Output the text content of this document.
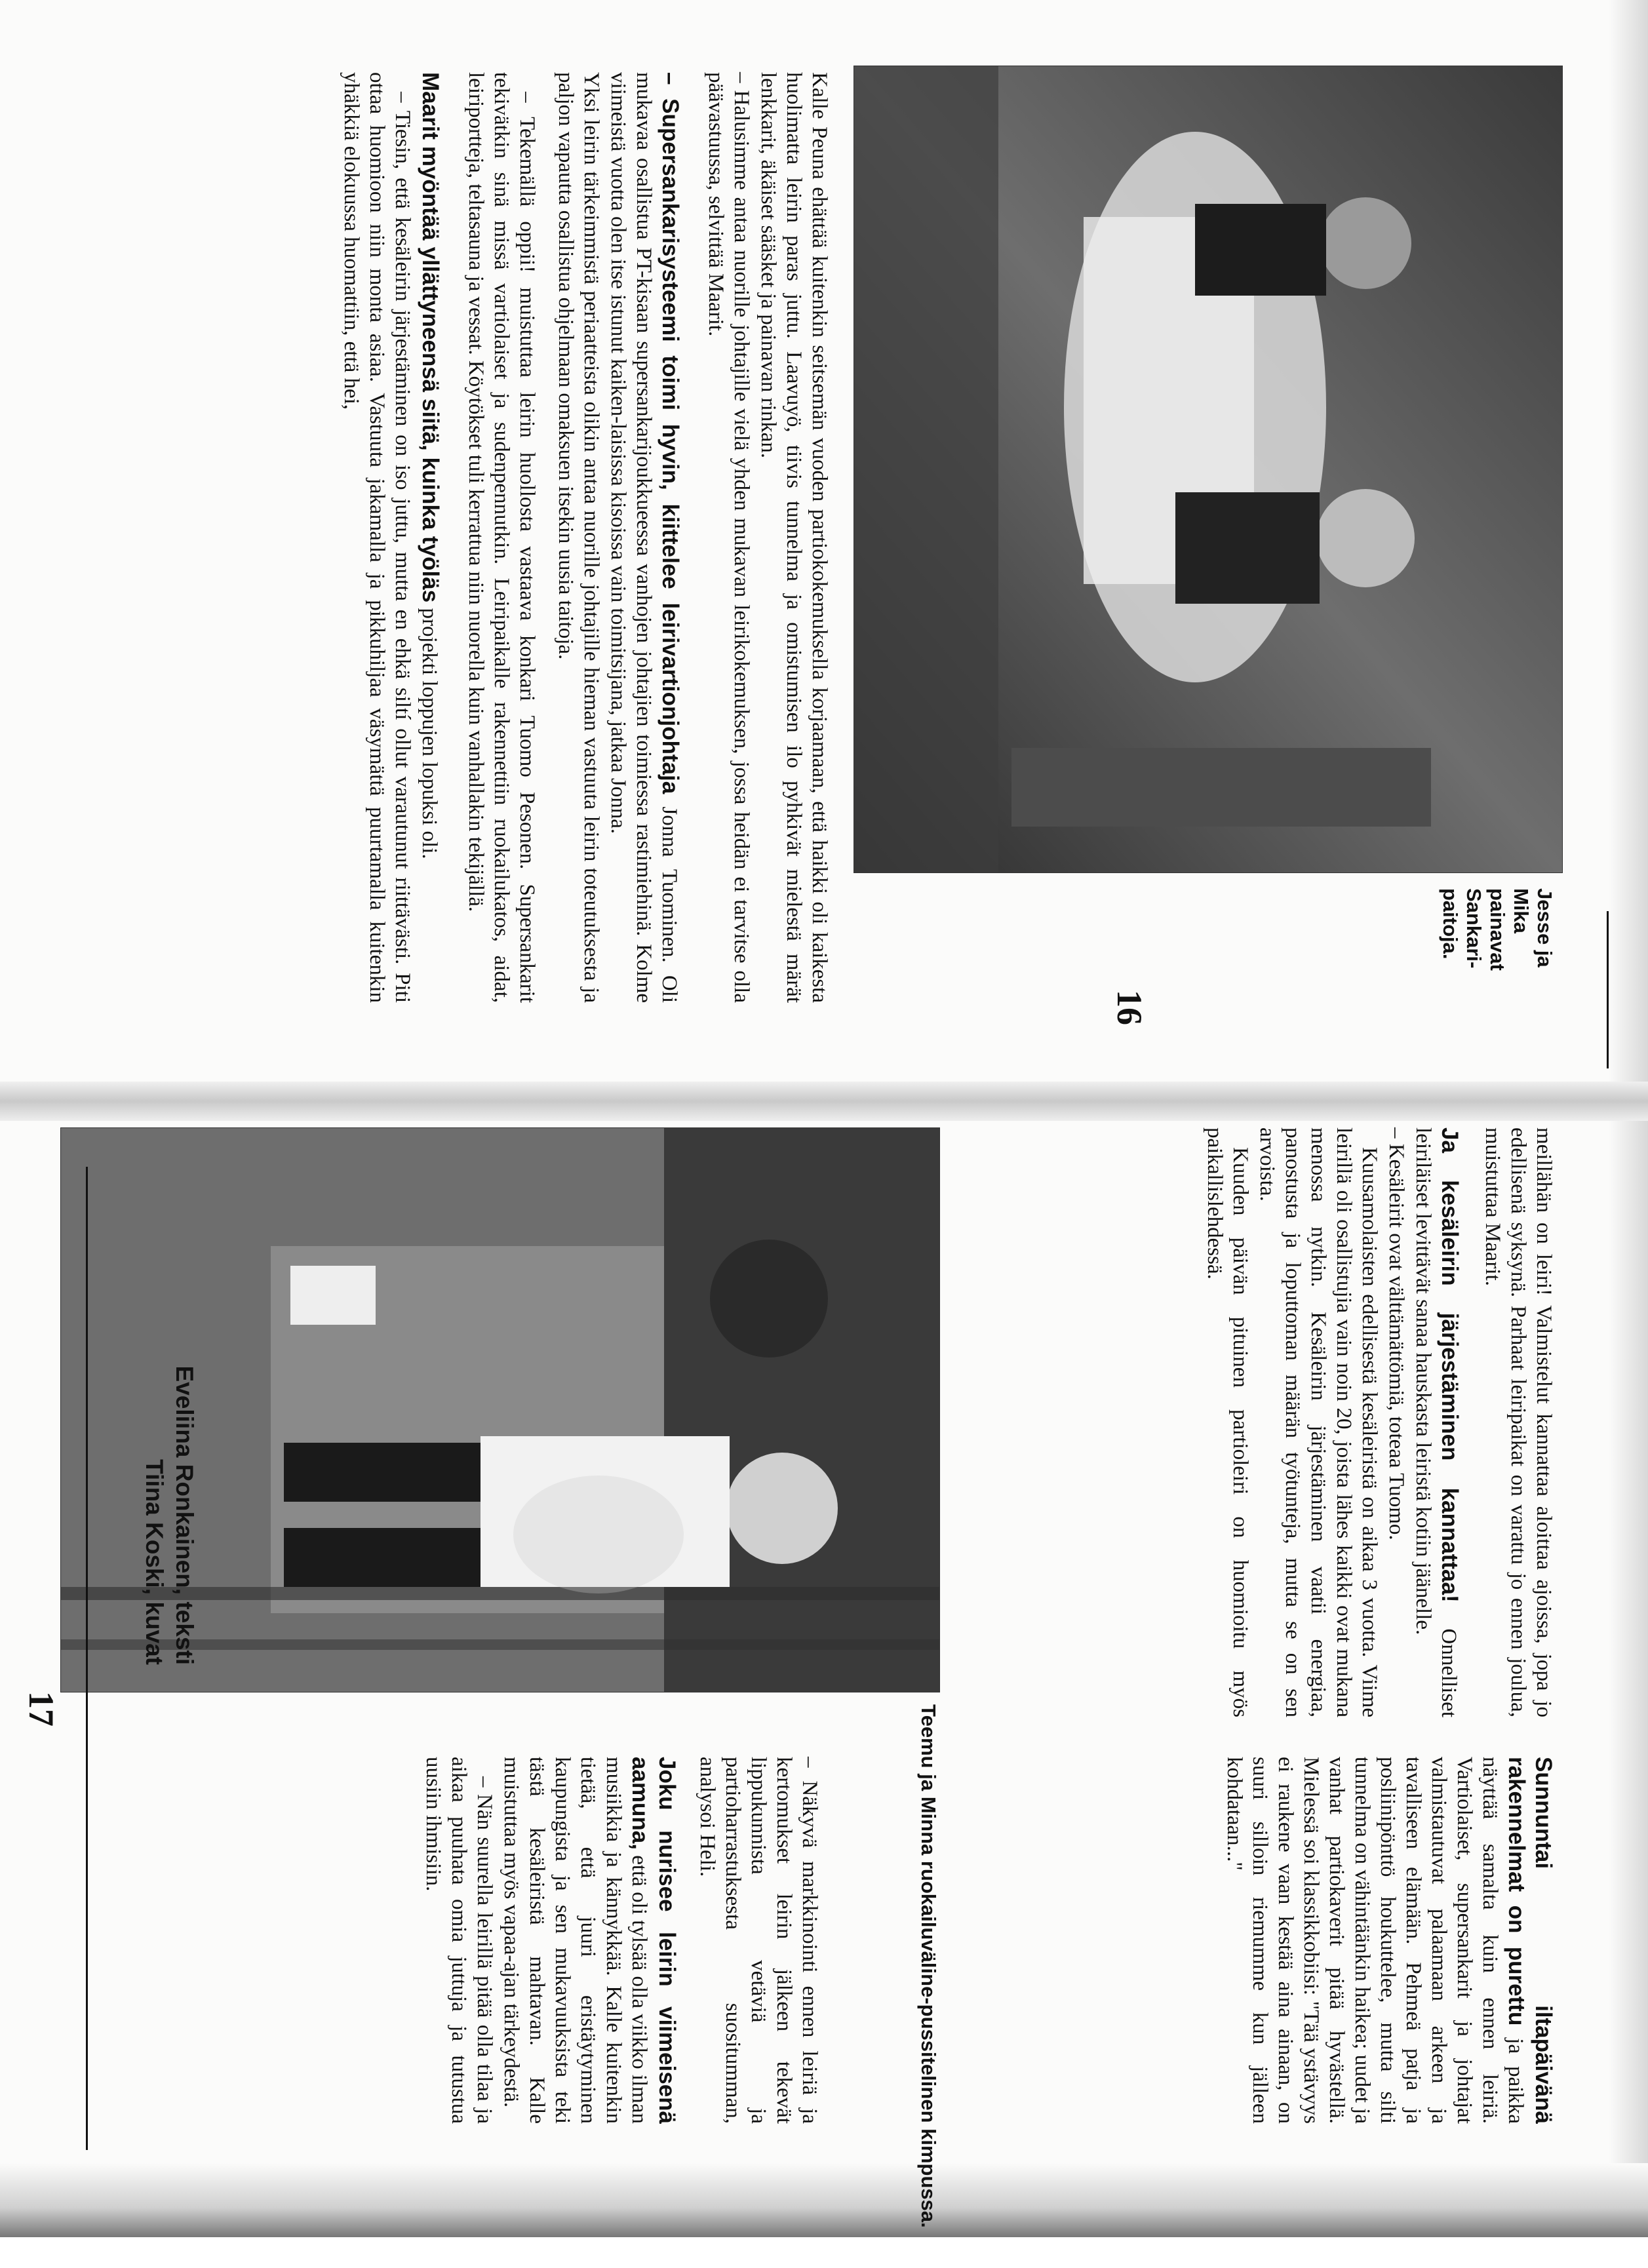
Kalle Peuna ehättää kuitenkin seitsemän vuoden partiokokemuksella korjaamaan, että haikki oli kaikesta huolimatta leirin paras juttu. Laavuyö, tiivis tunnelma ja omistumisen ilo pyhkivät mielestä märät lenkkarit, äkäiset sääsket ja painavan rinkan.

– Halusimme antaa nuorille johtajille vielä yhden mukavan leirikokemuksen, jossa heidän ei tarvitse olla päävastuussa, selvittää Maarit.

– Supersankarisysteemi toimi hyvin, kiittelee leirivartionjohtaja Jonna Tuominen. Oli mukavaa osallistua PT-kisaan supersankarijoukkueessa vanhojen johtajien toimiessa rastimiehinä. Kolme viimeistä vuotta olen itse istunut kaiken-laisissa kisoissa vain toimitsijana, jatkaa Jonna.

Yksi leirin tärkeimmistä periaatteista olikin antaa nuorille johtajille hieman vastuuta leirin toteutuksesta ja paljon vapautta osallistua ohjelmaan omaksuen itsekin uusia taitoja.

– Tekemällä oppii! muistuttaa leirin huollosta vastaava konkari Tuomo Pesonen. Supersankarit tekivätkin sinä missä vartiolaiset ja sudenpennutkin. Leiripaikalle rakennettiin ruokailukatos, aidat, leiriportteja, teltasauna ja vessat. Köytökset tuli kerrattua niin nuorella kuin vanhallakin tekijällä.

Maarit myöntää yllättyneensä siitä, kuinka työläs projekti loppujen lopuksi oli.

– Tiesin, että kesäleirin järjestäminen on iso juttu, mutta en ehkä siltí ollut varautunut riittävästi. Piti ottaa huomioon niin monta asiaa. Vastuuta jakamalla ja pikkuhiljaa väsymättä puurtamalla kuitenkin yhäkkiä elokuussa huomattiin, että hei,

Jesse ja Mika painavat Sankari-paitoja.
16
Teemu ja Minna ruokailuväline-pussitelinen kimpussa.

meillähän on leiri! Valmistelut kannattaa aloittaa ajoissa, jopa jo edellisenä syksynä. Parhaat leiripaikat on varattu jo ennen joulua, muistuttaa Maarit.

Ja kesäleirin järjestäminen kannattaa! Onnelliset leiriläiset levittävät sanaa hauskasta leiristä kotiin jäänelle.

– Kesäleirit ovat välttämättömiä, toteaa Tuomo.

Kuusamolaisten edellisestä kesäleiristä on aikaa 3 vuotta. Viime leirillä oli osallistujia vain noin 20, joista lähes kaikki ovat mukana menossa nytkin. Kesäleirin järjestäminen vaatii energiaa, panostusta ja loputtoman määrän työtunteja, mutta se on sen arvoista.

Kuuden päivän pituinen partioleiri on huomioitu myös paikallislehdessä.

– Näkyvä markkinointi ennen leiriä ja kertomukset leirin jälkeen tekevät lippukunnista vetäviä ja partioharrastuksesta suositumman, analysoi Heli.

Joku nurisee leirin viimeisenä aamuna, että oli tylsää olla viikko ilman musiikkia ja kännykkää. Kalle kuitenkin tietää, että juuri eristäytyminen kaupungista ja sen mukavuuksista teki tästä kesäleiristä mahtavan. Kalle muistuttaa myös vapaa-ajan tärkeydestä.

– Nän suurella leirillä pitää olla tilaa ja aikaa puuhata omia juttuja ja tutustua uusiin ihmisiin.	Sunnuntai iltapäivänä rakennelmat on purettu ja paikka näyttää samalta kuin ennen leiriä. Vartiolaiset, supersankarit ja johtajat valmistautuvat palaamaan arkeen ja tavalliseen elämään. Pehmeä patja ja posliinipönttö houkuttelee, mutta silti tunnelma on vähintäänkin haikea; uudet ja vanhat partiokaverit pitää hyvästellä. Mielessä soi klassikkobiisi: "Tää ystävyys ei raukene vaan kestää aina ainaan, on suuri silloin riemumme kun jälleen kohdataan..."

Eveliina Ronkainen, teksti
Tiina Koski, kuvat
17
